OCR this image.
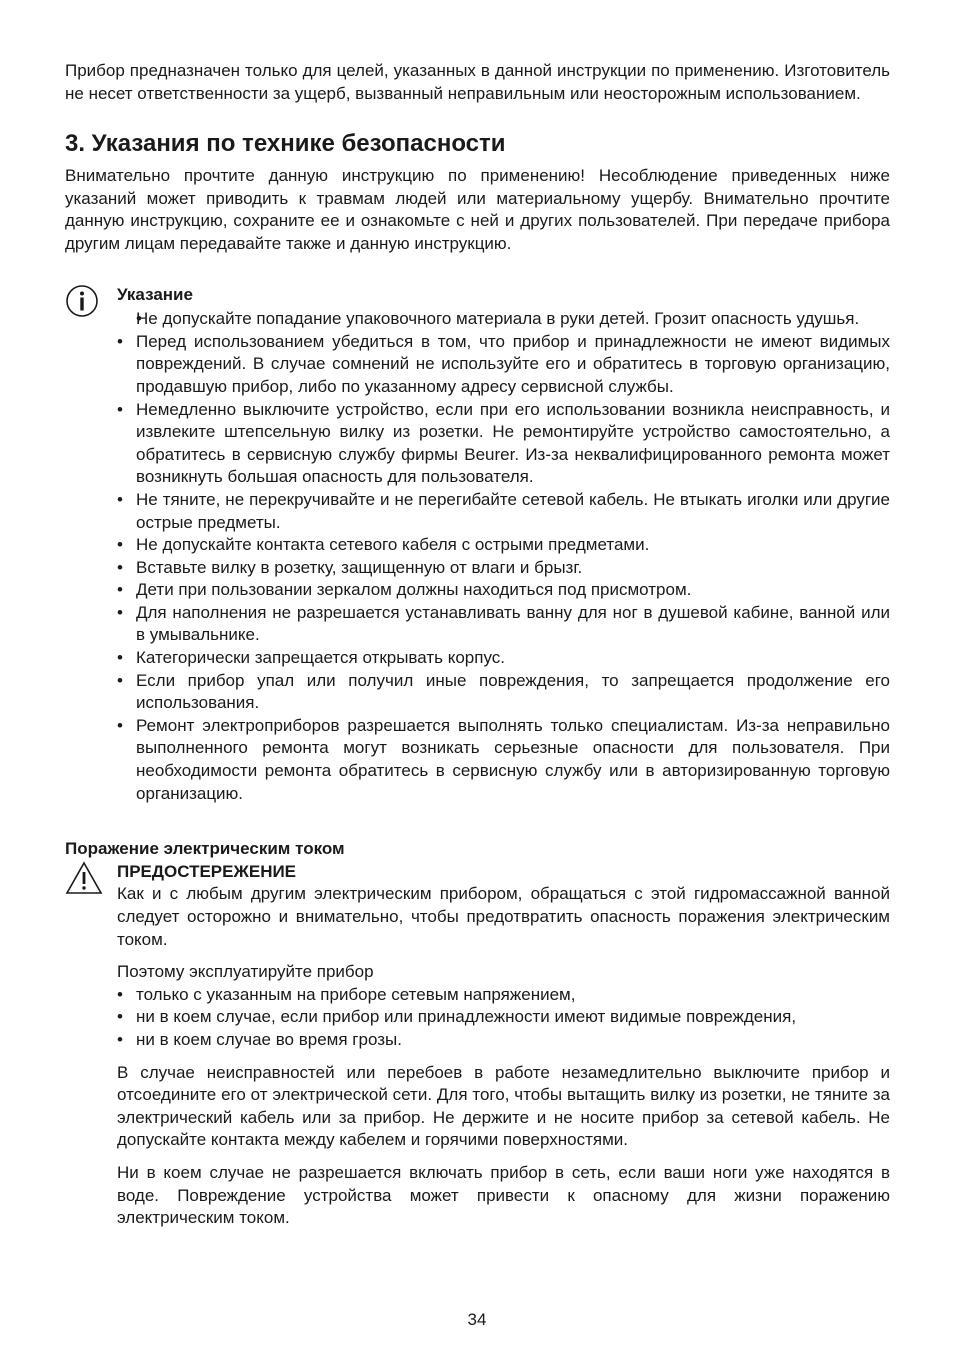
Прибор предназначен только для целей, указанных в данной инструкции по применению. Изготовитель не несет ответственности за ущерб, вызванный неправильным или неосторожным использованием.

3. Указания по технике безопасности

Внимательно прочтите данную инструкцию по применению! Несоблюдение приведенных ниже указаний может приводить к травмам людей или материальному ущербу. Внимательно прочтите данную инструкцию, сохраните ее и ознакомьте с ней и других пользователей. При передаче прибора другим лицам передавайте также и данную инструкцию.

Указание
• Не допускайте попадание упаковочного материала в руки детей. Грозит опасность удушья.
• Перед использованием убедиться в том, что прибор и принадлежности не имеют видимых повреждений. В случае сомнений не используйте его и обратитесь в торговую организацию, продавшую прибор, либо по указанному адресу сервисной службы.
• Немедленно выключите устройство, если при его использовании возникла неисправность, и извлеките штепсельную вилку из розетки. Не ремонтируйте устройство самостоятельно, а обратитесь в сервисную службу фирмы Beurer. Из-за неквалифицированного ремонта может возникнуть большая опасность для пользователя.
• Не тяните, не перекручивайте и не перегибайте сетевой кабель. Не втыкать иголки или другие острые предметы.
• Не допускайте контакта сетевого кабеля с острыми предметами.
• Вставьте вилку в розетку, защищенную от влаги и брызг.
• Дети при пользовании зеркалом должны находиться под присмотром.
• Для наполнения не разрешается устанавливать ванну для ног в душевой кабине, ванной или в умывальнике.
• Категорически запрещается открывать корпус.
• Если прибор упал или получил иные повреждения, то запрещается продолжение его использования.
• Ремонт электроприборов разрешается выполнять только специалистам. Из-за неправильно выполненного ремонта могут возникать серьезные опасности для пользователя. При необходимости ремонта обратитесь в сервисную службу или в авторизированную торговую организацию.
Поражение электрическим током
ПРЕДОСТЕРЕЖЕНИЕ

Как и с любым другим электрическим прибором, обращаться с этой гидромассажной ванной следует осторожно и внимательно, чтобы предотвратить опасность поражения электрическим током.

Поэтому эксплуатируйте прибор

• только с указанным на приборе сетевым напряжением,
• ни в коем случае, если прибор или принадлежности имеют видимые повреждения,
• ни в коем случае во время грозы.

В случае неисправностей или перебоев в работе незамедлительно выключите прибор и отсоедините его от электрической сети. Для того, чтобы вытащить вилку из розетки, не тяните за электрический кабель или за прибор. Не держите и не носите прибор за сетевой кабель. Не допускайте контакта между кабелем и горячими поверхностями.

Ни в коем случае не разрешается включать прибор в сеть, если ваши ноги уже находятся в воде. Повреждение устройства может привести к опасному для жизни поражению электрическим током.

34
